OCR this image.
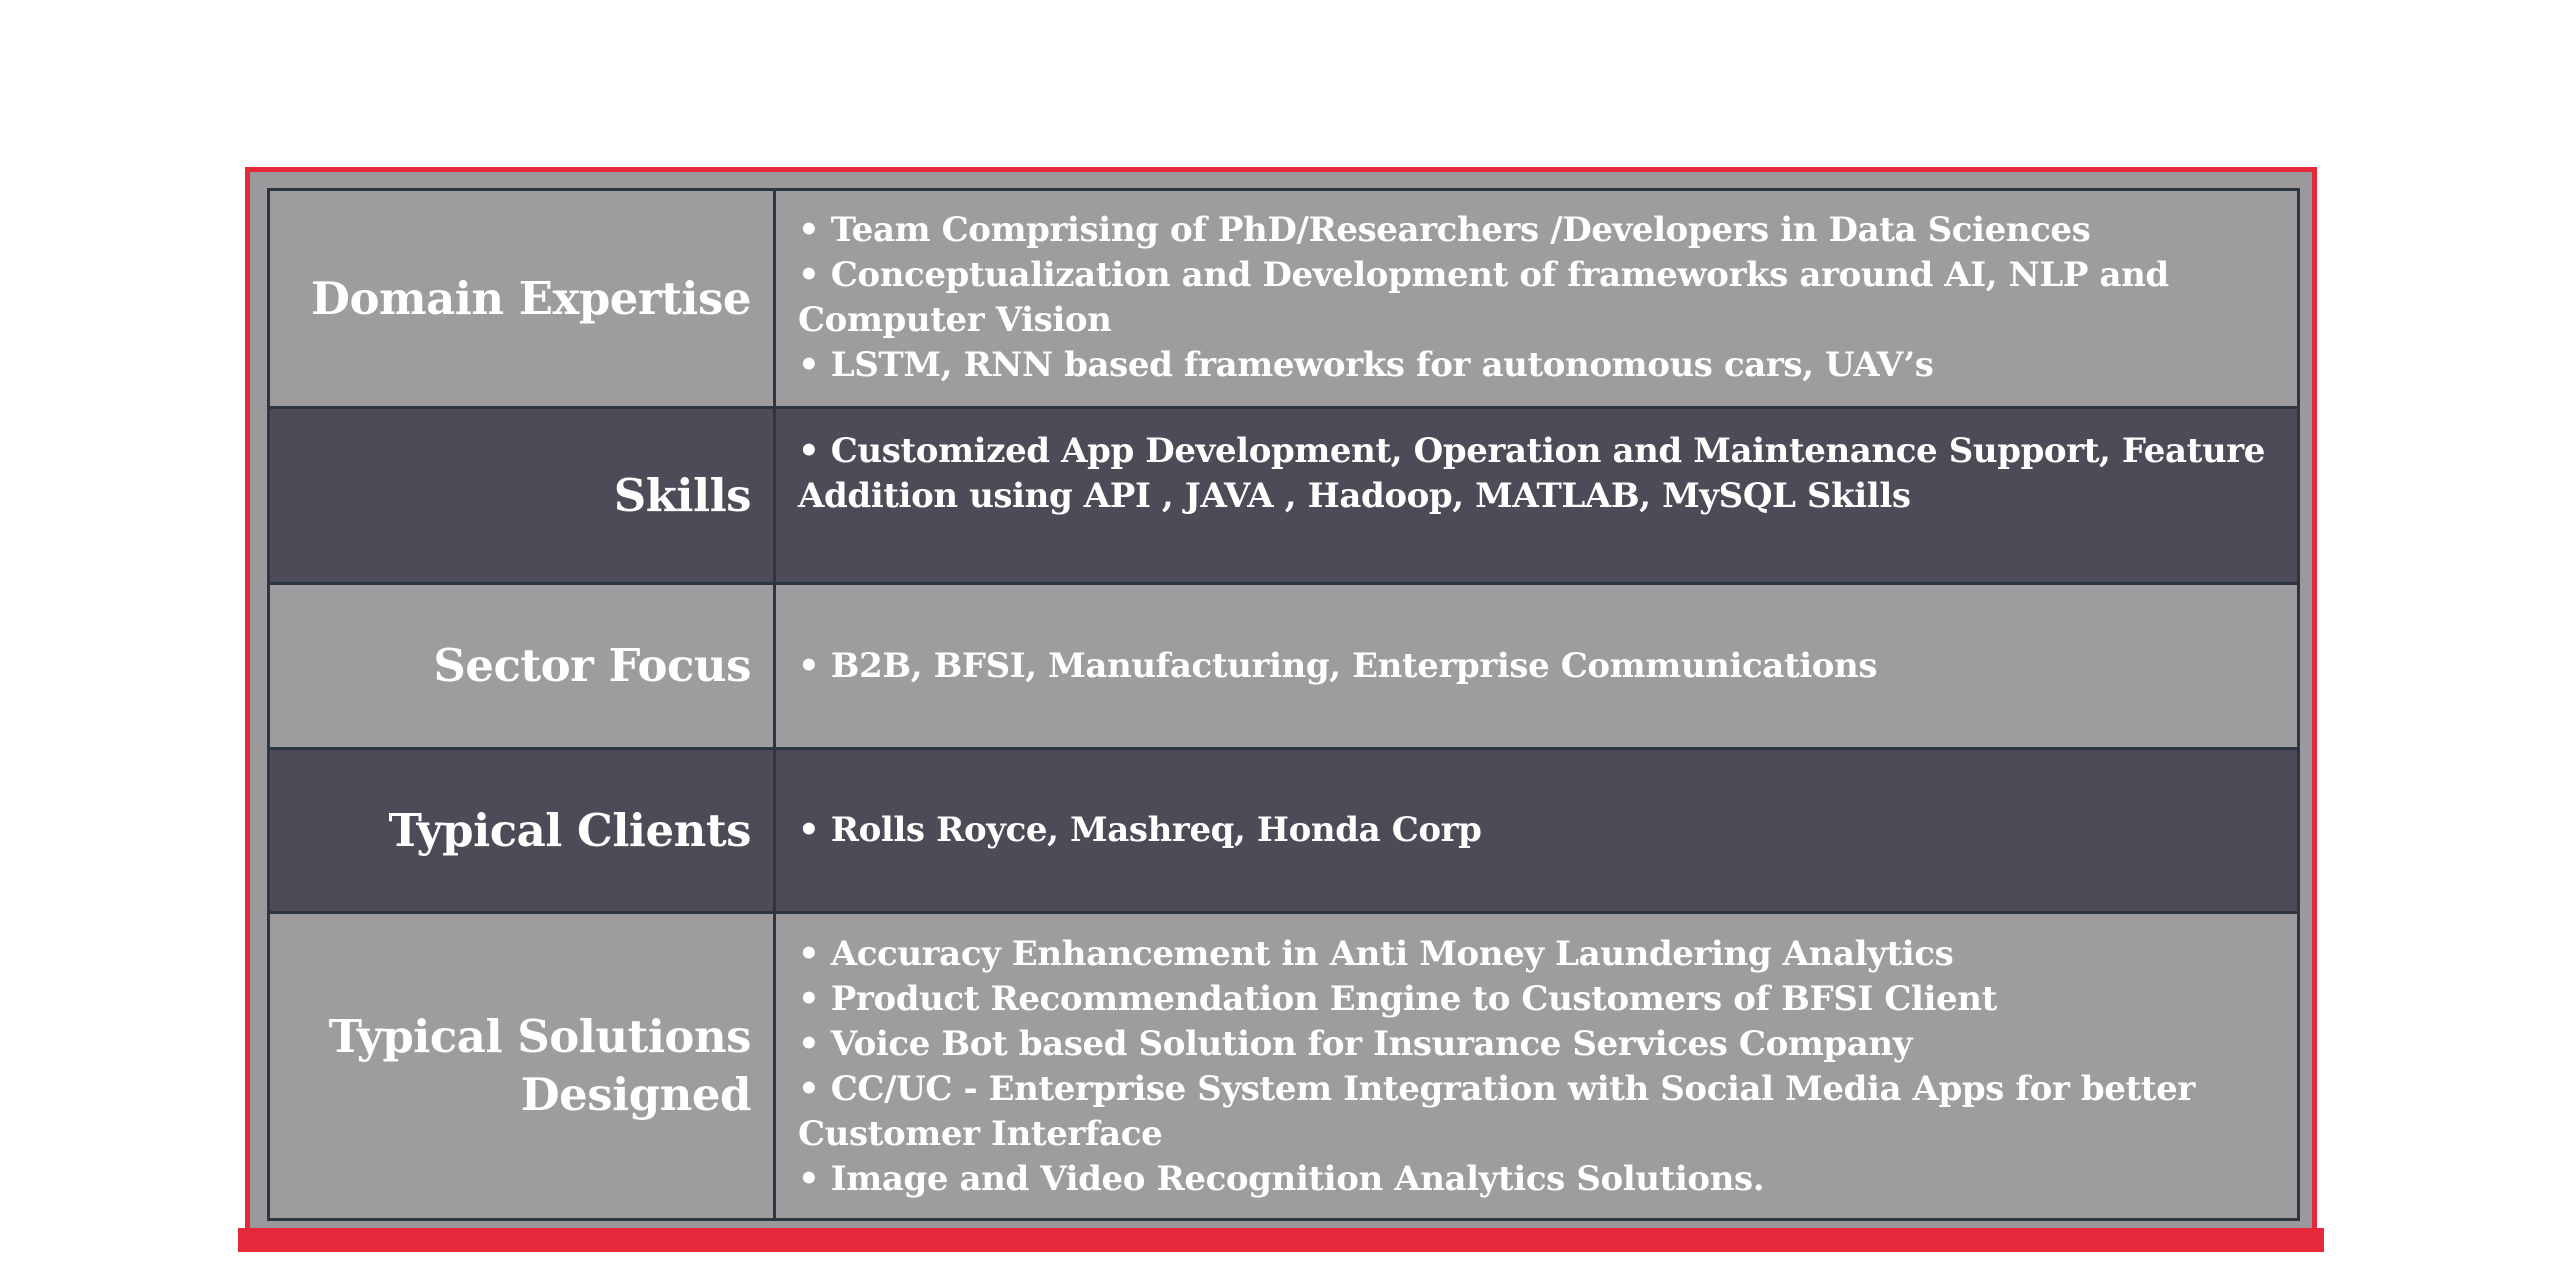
Domain Expertise
• Team Comprising of PhD/Researchers /Developers in Data Sciences
• Conceptualization and Development of frameworks around AI, NLP and Computer Vision
• LSTM, RNN based frameworks for autonomous cars, UAV’s
Skills
• Customized App Development, Operation and Maintenance Support, Feature Addition using API , JAVA , Hadoop, MATLAB, MySQL Skills
Sector Focus • B2B, BFSI, Manufacturing, Enterprise Communications
Typical Clients • Rolls Royce, Mashreq, Honda Corp
Typical Solutions
Designed
• Accuracy Enhancement in Anti Money Laundering Analytics
• Product Recommendation Engine to Customers of BFSI Client
• Voice Bot based Solution for Insurance Services Company
• CC/UC - Enterprise System Integration with Social Media Apps for better Customer Interface
• Image and Video Recognition Analytics Solutions.
